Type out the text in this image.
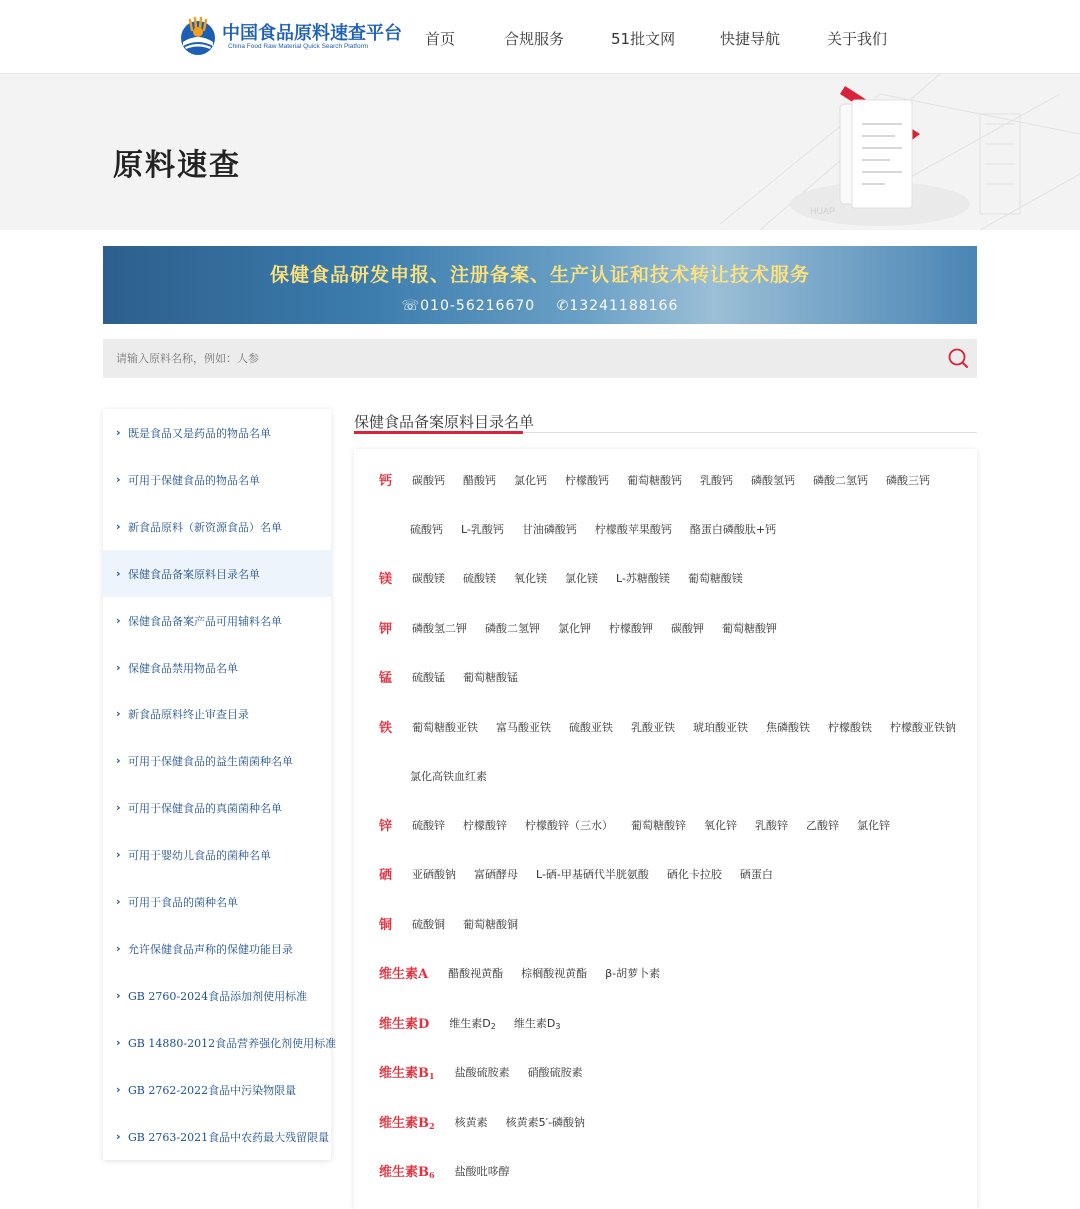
中国食品原料速查平台
China Food Raw Material Quick Search Platform	首页	合规服务	51批文网	快捷导航	关于我们
原料速查
HUAP
保健食品研发申报、注册备案、生产认证和技术转让技术服务
☏010-56216670 ✆13241188166
请输入原料名称，例如：人参
› 既是食品又是药品的物品名单
› 可用于保健食品的物品名单
› 新食品原料（新资源食品）名单
› 保健食品备案原料目录名单
› 保健食品备案产品可用辅料名单
› 保健食品禁用物品名单
› 新食品原料终止审查目录
› 可用于保健食品的益生菌菌种名单
› 可用于保健食品的真菌菌种名单
› 可用于婴幼儿食品的菌种名单
› 可用于食品的菌种名单
› 允许保健食品声称的保健功能目录
› GB 2760-2024食品添加剂使用标准
› GB 14880-2012食品营养强化剂使用标准
› GB 2762-2022食品中污染物限量
› GB 2763-2021食品中农药最大残留限量
保健食品备案原料目录名单
钙 碳酸钙 醋酸钙 氯化钙 柠檬酸钙 葡萄糖酸钙 乳酸钙 磷酸氢钙 磷酸二氢钙 磷酸三钙
硫酸钙 L-乳酸钙 甘油磷酸钙 柠檬酸苹果酸钙 酪蛋白磷酸肽+钙
镁 碳酸镁 硫酸镁 氧化镁 氯化镁 L-苏糖酸镁 葡萄糖酸镁
钾 磷酸氢二钾 磷酸二氢钾 氯化钾 柠檬酸钾 碳酸钾 葡萄糖酸钾
锰 硫酸锰 葡萄糖酸锰
铁 葡萄糖酸亚铁 富马酸亚铁 硫酸亚铁 乳酸亚铁 琥珀酸亚铁 焦磷酸铁 柠檬酸铁 柠檬酸亚铁钠
氯化高铁血红素
锌 硫酸锌 柠檬酸锌 柠檬酸锌（三水） 葡萄糖酸锌 氧化锌 乳酸锌 乙酸锌 氯化锌
硒 亚硒酸钠 富硒酵母 L-硒-甲基硒代半胱氨酸 硒化卡拉胶 硒蛋白
铜 硫酸铜 葡萄糖酸铜
维生素A 醋酸视黄酯 棕榈酸视黄酯 β-胡萝卜素
维生素D 维生素$D_2$ 维生素$D_3$
维生素$B_1$ 盐酸硫胺素 硝酸硫胺素
维生素$B_2$ 核黄素 核黄素5′-磷酸钠
维生素$B_6$ 盐酸吡哆醇
